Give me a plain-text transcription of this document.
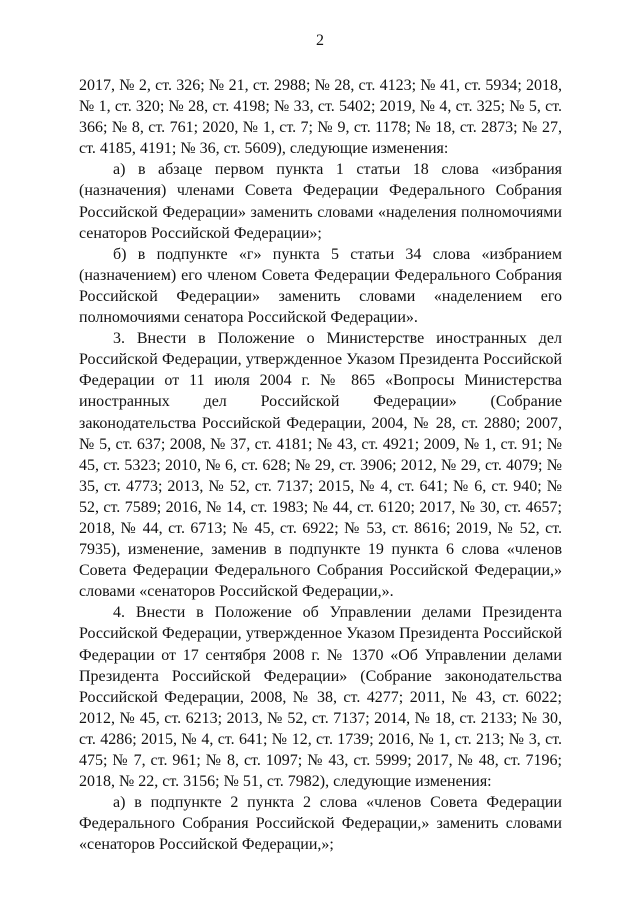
2

2017, № 2, ст. 326; № 21, ст. 2988; № 28, ст. 4123; № 41, ст. 5934; 2018, № 1, ст. 320; № 28, ст. 4198; № 33, ст. 5402; 2019, № 4, ст. 325; № 5, ст. 366; № 8, ст. 761; 2020, № 1, ст. 7; № 9, ст. 1178; № 18, ст. 2873; № 27, ст. 4185, 4191; № 36, ст. 5609), следующие изменения:

а) в абзаце первом пункта 1 статьи 18 слова «избрания (назначения) членами Совета Федерации Федерального Собрания Российской Федерации» заменить словами «наделения полномочиями сенаторов Российской Федерации»;

б) в подпункте «г» пункта 5 статьи 34 слова «избранием (назначением) его членом Совета Федерации Федерального Собрания Российской Федерации» заменить словами «наделением его полномочиями сенатора Российской Федерации».

3. Внести в Положение о Министерстве иностранных дел Российской Федерации, утвержденное Указом Президента Российской Федерации от 11 июля 2004 г. № 865 «Вопросы Министерства иностранных дел Российской Федерации» (Собрание законодательства Российской Федерации, 2004, № 28, ст. 2880; 2007, № 5, ст. 637; 2008, № 37, ст. 4181; № 43, ст. 4921; 2009, № 1, ст. 91; № 45, ст. 5323; 2010, № 6, ст. 628; № 29, ст. 3906; 2012, № 29, ст. 4079; № 35, ст. 4773; 2013, № 52, ст. 7137; 2015, № 4, ст. 641; № 6, ст. 940; № 52, ст. 7589; 2016, № 14, ст. 1983; № 44, ст. 6120; 2017, № 30, ст. 4657; 2018, № 44, ст. 6713; № 45, ст. 6922; № 53, ст. 8616; 2019, № 52, ст. 7935), изменение, заменив в подпункте 19 пункта 6 слова «членов Совета Федерации Федерального Собрания Российской Федерации,» словами «сенаторов Российской Федерации,».

4. Внести в Положение об Управлении делами Президента Российской Федерации, утвержденное Указом Президента Российской Федерации от 17 сентября 2008 г. № 1370 «Об Управлении делами Президента Российской Федерации» (Собрание законодательства Российской Федерации, 2008, № 38, ст. 4277; 2011, № 43, ст. 6022; 2012, № 45, ст. 6213; 2013, № 52, ст. 7137; 2014, № 18, ст. 2133; № 30, ст. 4286; 2015, № 4, ст. 641; № 12, ст. 1739; 2016, № 1, ст. 213; № 3, ст. 475; № 7, ст. 961; № 8, ст. 1097; № 43, ст. 5999; 2017, № 48, ст. 7196; 2018, № 22, ст. 3156; № 51, ст. 7982), следующие изменения:

а) в подпункте 2 пункта 2 слова «членов Совета Федерации Федерального Собрания Российской Федерации,» заменить словами «сенаторов Российской Федерации,»;
